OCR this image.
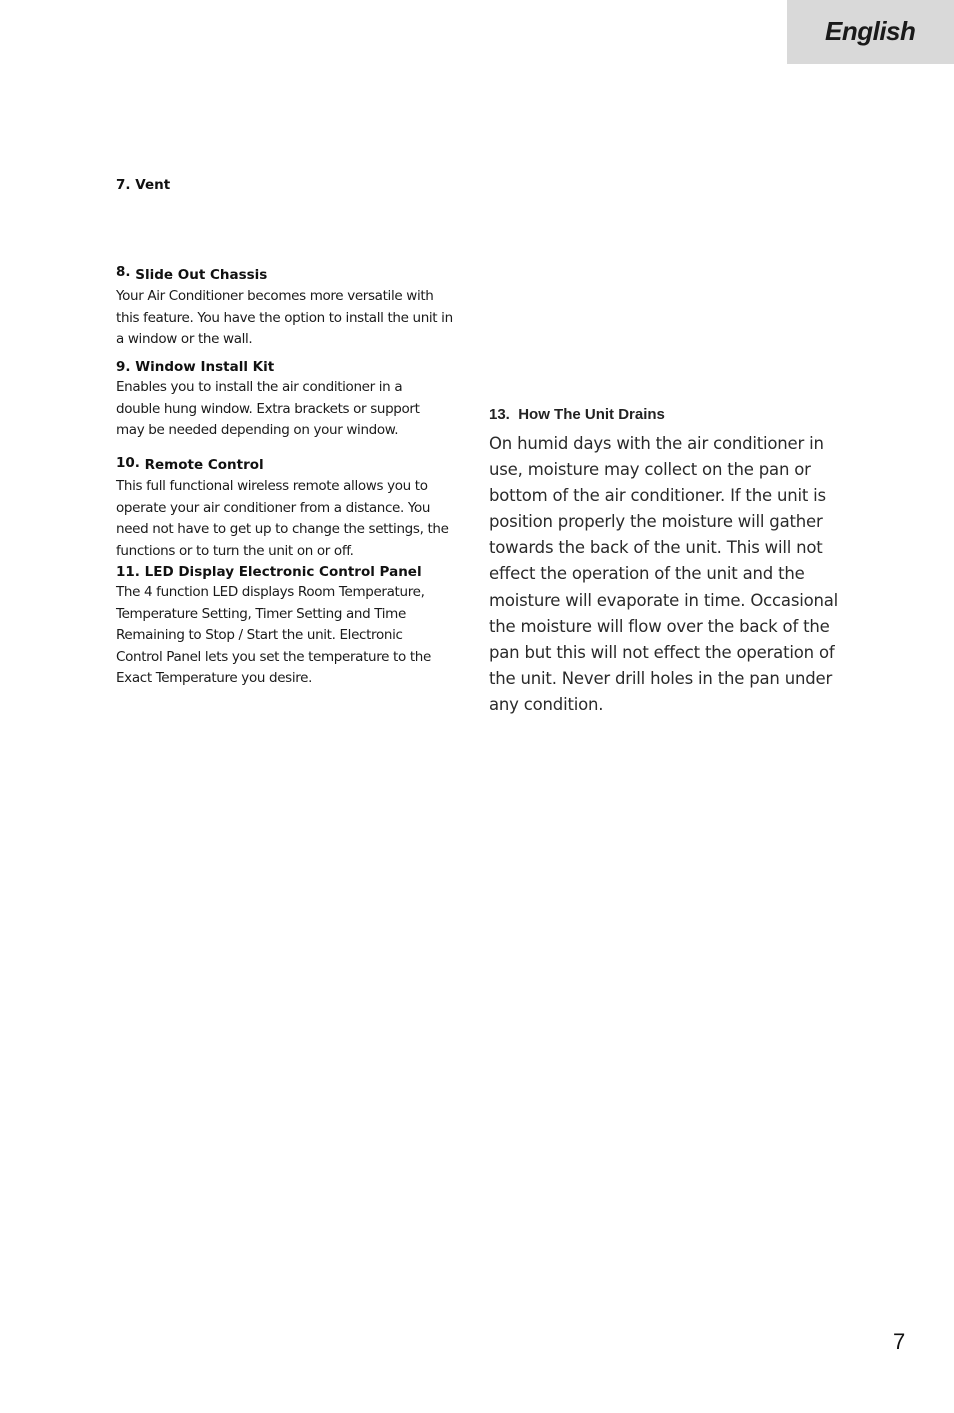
English

7. Vent

8. Slide Out Chassis

Your Air Conditioner becomes more versatile with

this feature. You have the option to install the unit in

a window or the wall.

9. Window Install Kit

Enables you to install the air conditioner in a

double hung window. Extra brackets or support

may be needed depending on your window.

10. Remote Control

This full functional wireless remote allows you to

operate your air conditioner from a distance. You

need not have to get up to change the settings, the

functions or to turn the unit on or off.

11. LED Display Electronic Control Panel

The 4 function LED displays Room Temperature,

Temperature Setting, Timer Setting and Time

Remaining to Stop / Start the unit. Electronic

Control Panel lets you set the temperature to the

Exact Temperature you desire.

13. How The Unit Drains

On humid days with the air conditioner in

use, moisture may collect on the pan or

bottom of the air conditioner. If the unit is

position properly the moisture will gather

towards the back of the unit. This will not

effect the operation of the unit and the

moisture will evaporate in time. Occasional

the moisture will flow over the back of the

pan but this will not effect the operation of

the unit. Never drill holes in the pan under

any condition.

7
